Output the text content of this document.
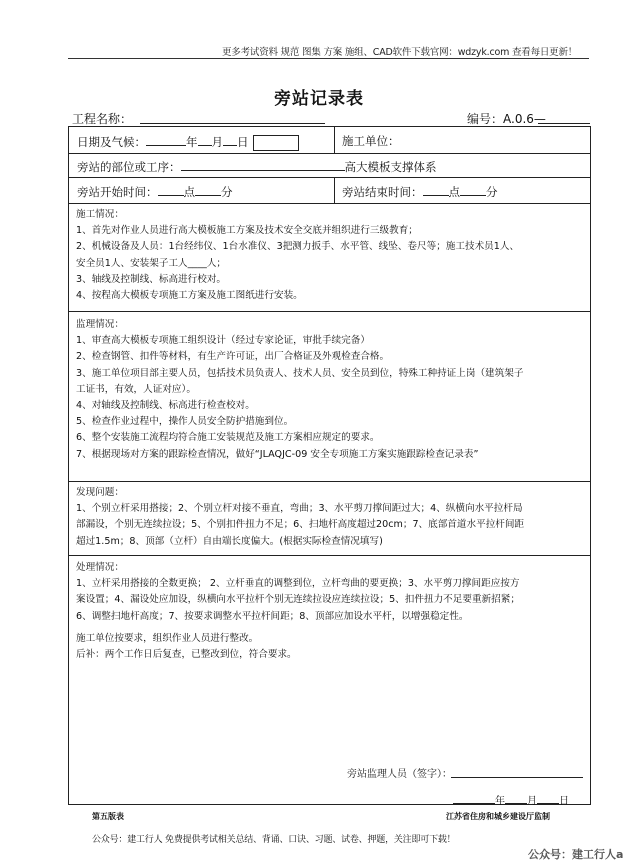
更多考试资料 规范 图集 方案 施组、CAD软件下载官网：wdzyk.com 查看每日更新！
旁站记录表
工程名称：	编号：A.0.6—
日期及气候：	年 月 日	施工单位：
旁站的部位或工序：	高大模板支撑体系
旁站开始时间： 点 分	旁站结束时间： 点 分

施工情况：

1、首先对作业人员进行高大模板施工方案及技术安全交底并组织进行三级教育；

2、机械设备及人员：1台经纬仪、1台水准仪、3把测力扳手、水平管、线坠、卷尺等；施工技术员1人、

安全员1人、安装架子工人____人；

3、轴线及控制线、标高进行校对。

4、按程高大模板专项施工方案及施工图纸进行安装。

监理情况：

1、审查高大模板专项施工组织设计（经过专家论证，审批手续完备）

2、检查钢管、扣件等材料，有生产许可证，出厂合格证及外观检查合格。

3、施工单位项目部主要人员，包括技术员负责人、技术人员、安全员到位，特殊工种持证上岗（建筑架子

工证书，有效，人证对应）。

4、对轴线及控制线、标高进行检查校对。

5、检查作业过程中，操作人员安全防护措施到位。

6、整个安装施工流程均符合施工安装规范及施工方案相应规定的要求。

7、根据现场对方案的跟踪检查情况，做好“JLAQJC-09 安全专项施工方案实施跟踪检查记录表”

发现问题：

1、个别立杆采用搭接；2、个别立杆对接不垂直，弯曲；3、水平剪刀撑间距过大；4、纵横向水平拉杆局

部漏设，个别无连续拉设；5、个别扣件扭力不足；6、扫地杆高度超过20cm；7、底部首道水平拉杆间距

超过1.5m；8、顶部（立杆）自由端长度偏大。(根据实际检查情况填写)

处理情况：

1、立杆采用搭接的全数更换； 2、立杆垂直的调整到位，立杆弯曲的要更换；3、水平剪刀撑间距应按方

案设置；4、漏设处应加设，纵横向水平拉杆个别无连续拉设应连续拉设；5、扣件扭力不足要重新招紧；

6、调整扫地杆高度；7、按要求调整水平拉杆间距；8、顶部应加设水平杆，以增强稳定性。

施工单位按要求，组织作业人员进行整改。

后补：两个工作日后复查，已整改到位，符合要求。

旁站监理人员（签字）：
年 月 日
第五版表	江苏省住房和城乡建设厅监制
公众号：建工行人 免费提供考试相关总结、背诵、口诀、习题、试卷、押题，关注即可下载！
公众号：建工行人a
